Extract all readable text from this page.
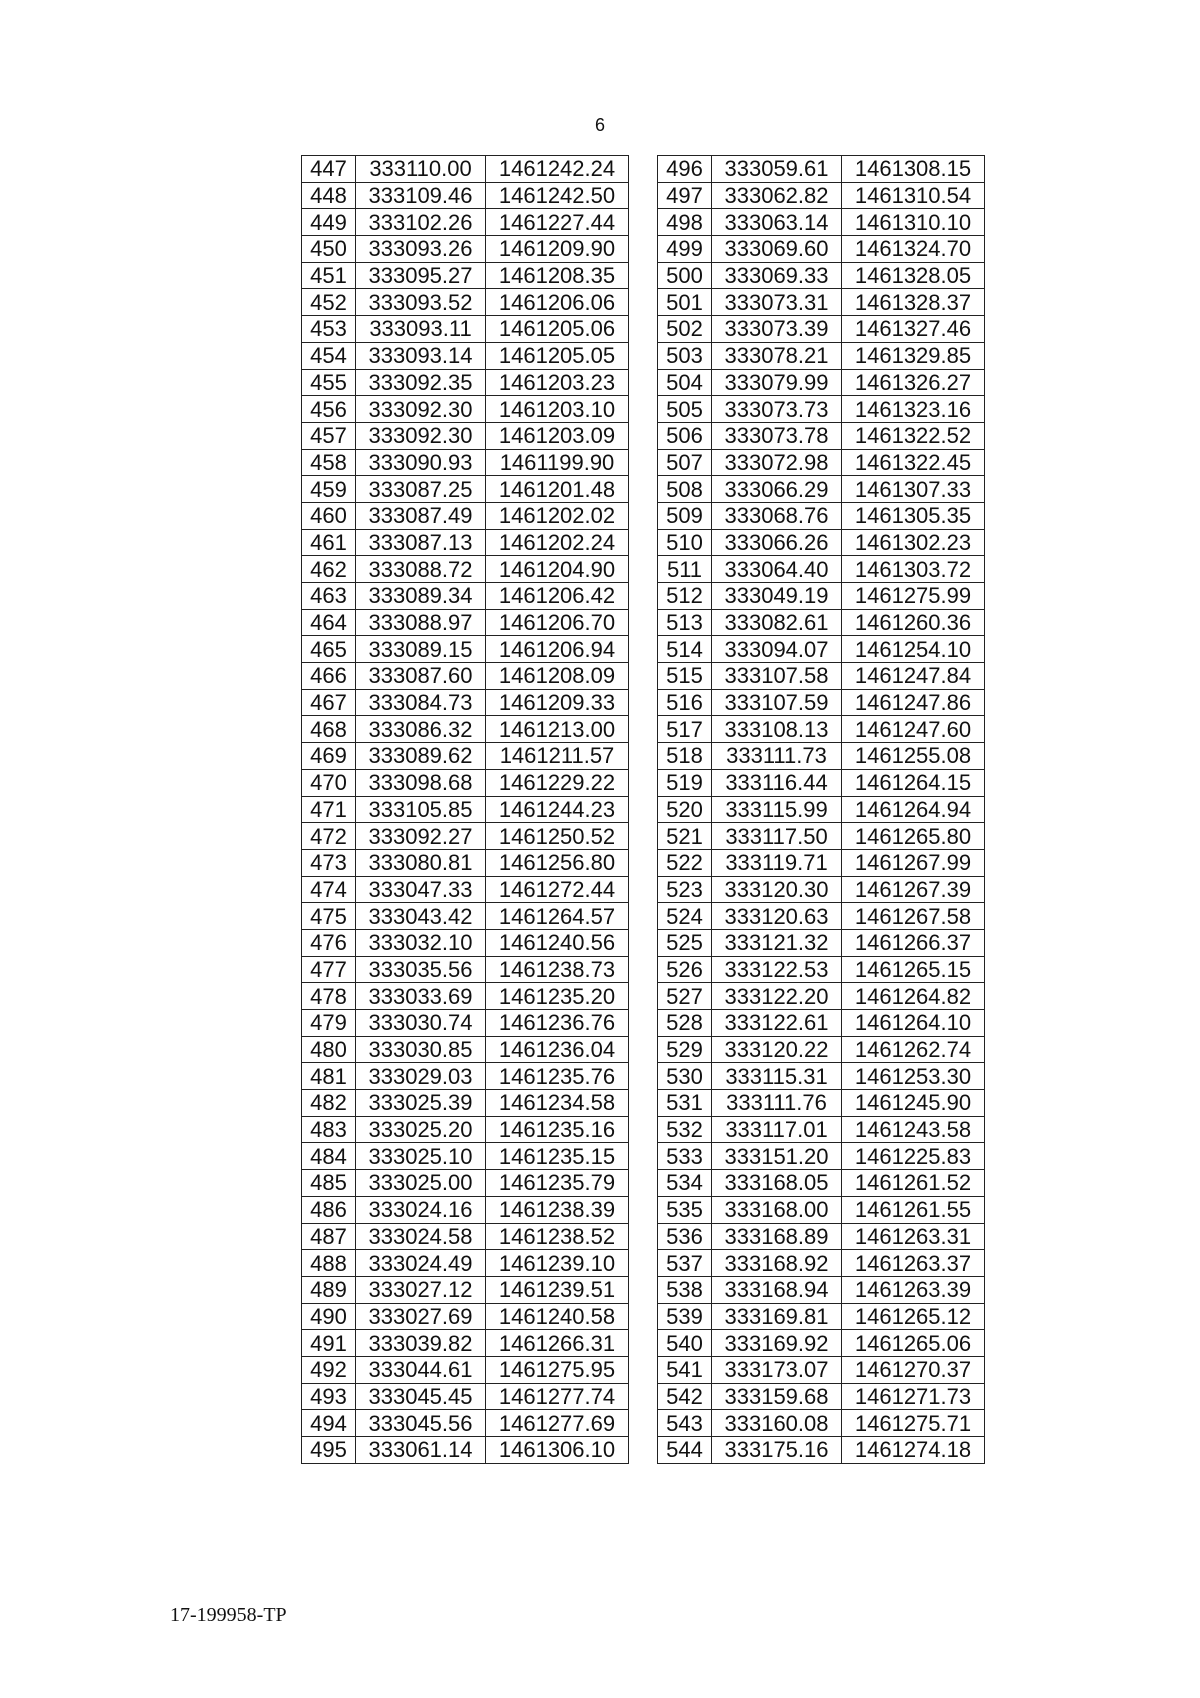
6
447	333110.00	1461242.24
448	333109.46	1461242.50
449	333102.26	1461227.44
450	333093.26	1461209.90
451	333095.27	1461208.35
452	333093.52	1461206.06
453	333093.11	1461205.06
454	333093.14	1461205.05
455	333092.35	1461203.23
456	333092.30	1461203.10
457	333092.30	1461203.09
458	333090.93	1461199.90
459	333087.25	1461201.48
460	333087.49	1461202.02
461	333087.13	1461202.24
462	333088.72	1461204.90
463	333089.34	1461206.42
464	333088.97	1461206.70
465	333089.15	1461206.94
466	333087.60	1461208.09
467	333084.73	1461209.33
468	333086.32	1461213.00
469	333089.62	1461211.57
470	333098.68	1461229.22
471	333105.85	1461244.23
472	333092.27	1461250.52
473	333080.81	1461256.80
474	333047.33	1461272.44
475	333043.42	1461264.57
476	333032.10	1461240.56
477	333035.56	1461238.73
478	333033.69	1461235.20
479	333030.74	1461236.76
480	333030.85	1461236.04
481	333029.03	1461235.76
482	333025.39	1461234.58
483	333025.20	1461235.16
484	333025.10	1461235.15
485	333025.00	1461235.79
486	333024.16	1461238.39
487	333024.58	1461238.52
488	333024.49	1461239.10
489	333027.12	1461239.51
490	333027.69	1461240.58
491	333039.82	1461266.31
492	333044.61	1461275.95
493	333045.45	1461277.74
494	333045.56	1461277.69
495	333061.14	1461306.10
496	333059.61	1461308.15
497	333062.82	1461310.54
498	333063.14	1461310.10
499	333069.60	1461324.70
500	333069.33	1461328.05
501	333073.31	1461328.37
502	333073.39	1461327.46
503	333078.21	1461329.85
504	333079.99	1461326.27
505	333073.73	1461323.16
506	333073.78	1461322.52
507	333072.98	1461322.45
508	333066.29	1461307.33
509	333068.76	1461305.35
510	333066.26	1461302.23
511	333064.40	1461303.72
512	333049.19	1461275.99
513	333082.61	1461260.36
514	333094.07	1461254.10
515	333107.58	1461247.84
516	333107.59	1461247.86
517	333108.13	1461247.60
518	333111.73	1461255.08
519	333116.44	1461264.15
520	333115.99	1461264.94
521	333117.50	1461265.80
522	333119.71	1461267.99
523	333120.30	1461267.39
524	333120.63	1461267.58
525	333121.32	1461266.37
526	333122.53	1461265.15
527	333122.20	1461264.82
528	333122.61	1461264.10
529	333120.22	1461262.74
530	333115.31	1461253.30
531	333111.76	1461245.90
532	333117.01	1461243.58
533	333151.20	1461225.83
534	333168.05	1461261.52
535	333168.00	1461261.55
536	333168.89	1461263.31
537	333168.92	1461263.37
538	333168.94	1461263.39
539	333169.81	1461265.12
540	333169.92	1461265.06
541	333173.07	1461270.37
542	333159.68	1461271.73
543	333160.08	1461275.71
544	333175.16	1461274.18
17-199958-TP
